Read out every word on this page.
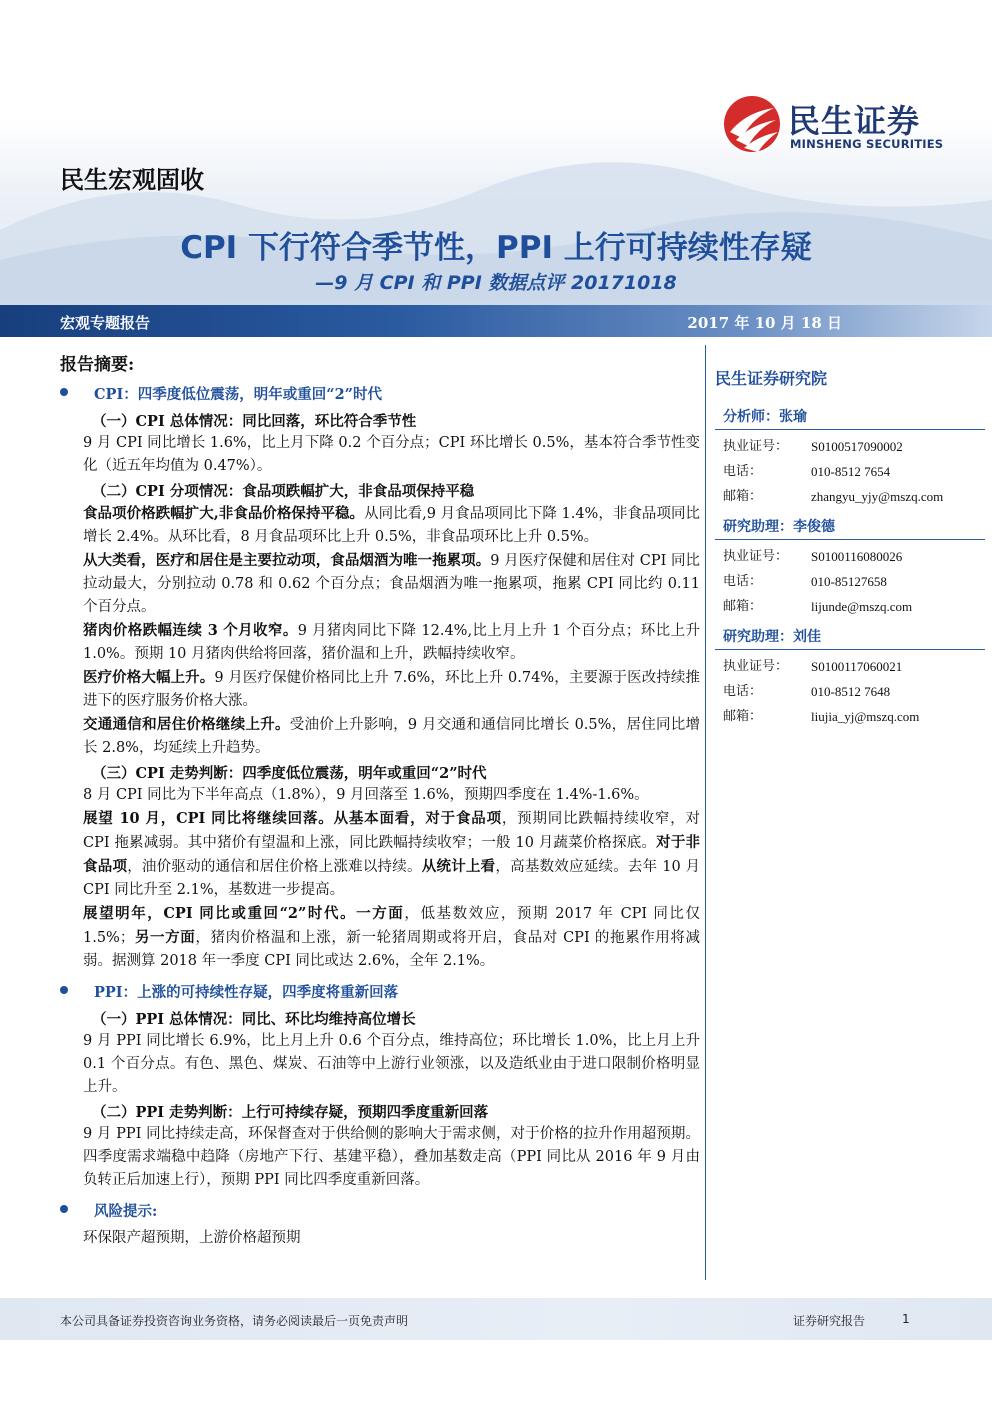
民生证券
MINSHENG SECURITIES
民生宏观固收
CPI 下行符合季节性，PPI 上行可持续性存疑
—9 月 CPI 和 PPI 数据点评 20171018
宏观专题报告	2017 年 10 月 18 日
报告摘要:
CPI：四季度低位震荡，明年或重回“2”时代
（一）CPI 总体情况：同比回落，环比符合季节性
9 月 CPI 同比增长 1.6%，比上月下降 0.2 个百分点；CPI 环比增长 0.5%，基本符合季节性变化（近五年均值为 0.47%）。
（二）CPI 分项情况：食品项跌幅扩大，非食品项保持平稳
食品项价格跌幅扩大,非食品价格保持平稳。从同比看,9 月食品项同比下降 1.4%，非食品项同比增长 2.4%。从环比看，8 月食品项环比上升 0.5%，非食品项环比上升 0.5%。
从大类看，医疗和居住是主要拉动项，食品烟酒为唯一拖累项。9 月医疗保健和居住对 CPI 同比拉动最大，分别拉动 0.78 和 0.62 个百分点；食品烟酒为唯一拖累项，拖累 CPI 同比约 0.11 个百分点。
猪肉价格跌幅连续 3 个月收窄。9 月猪肉同比下降 12.4%,比上月上升 1 个百分点；环比上升 1.0%。预期 10 月猪肉供给将回落，猪价温和上升，跌幅持续收窄。
医疗价格大幅上升。9 月医疗保健价格同比上升 7.6%，环比上升 0.74%，主要源于医改持续推进下的医疗服务价格大涨。
交通通信和居住价格继续上升。受油价上升影响，9 月交通和通信同比增长 0.5%，居住同比增长 2.8%，均延续上升趋势。
（三）CPI 走势判断：四季度低位震荡，明年或重回“2”时代
8 月 CPI 同比为下半年高点（1.8%），9 月回落至 1.6%，预期四季度在 1.4%-1.6%。
展望 10 月，CPI 同比将继续回落。从基本面看，对于食品项，预期同比跌幅持续收窄，对 CPI 拖累减弱。其中猪价有望温和上涨，同比跌幅持续收窄；一般 10 月蔬菜价格探底。对于非食品项，油价驱动的通信和居住价格上涨难以持续。从统计上看，高基数效应延续。去年 10 月 CPI 同比升至 2.1%，基数进一步提高。
展望明年，CPI 同比或重回“2”时代。一方面，低基数效应，预期 2017 年 CPI 同比仅 1.5%；另一方面，猪肉价格温和上涨，新一轮猪周期或将开启，食品对 CPI 的拖累作用将减弱。据测算 2018 年一季度 CPI 同比或达 2.6%，全年 2.1%。
PPI：上涨的可持续性存疑，四季度将重新回落
（一）PPI 总体情况：同比、环比均维持高位增长
9 月 PPI 同比增长 6.9%，比上月上升 0.6 个百分点，维持高位；环比增长 1.0%，比上月上升 0.1 个百分点。有色、黑色、煤炭、石油等中上游行业领涨，以及造纸业由于进口限制价格明显上升。
（二）PPI 走势判断：上行可持续存疑，预期四季度重新回落
9 月 PPI 同比持续走高，环保督查对于供给侧的影响大于需求侧，对于价格的拉升作用超预期。四季度需求端稳中趋降（房地产下行、基建平稳），叠加基数走高（PPI 同比从 2016 年 9 月由负转正后加速上行），预期 PPI 同比四季度重新回落。
风险提示:
环保限产超预期，上游价格超预期
民生证券研究院
分析师：张瑜
执业证号：	S0100517090002
电话：	010-8512 7654
邮箱：	zhangyu_yjy@mszq.com
研究助理：李俊德
执业证号：	S0100116080026
电话：	010-85127658
邮箱：	lijunde@mszq.com
研究助理：刘佳
执业证号：	S0100117060021
电话：	010-8512 7648
邮箱：	liujia_yj@mszq.com
本公司具备证券投资咨询业务资格，请务必阅读最后一页免责声明	证券研究报告	1
